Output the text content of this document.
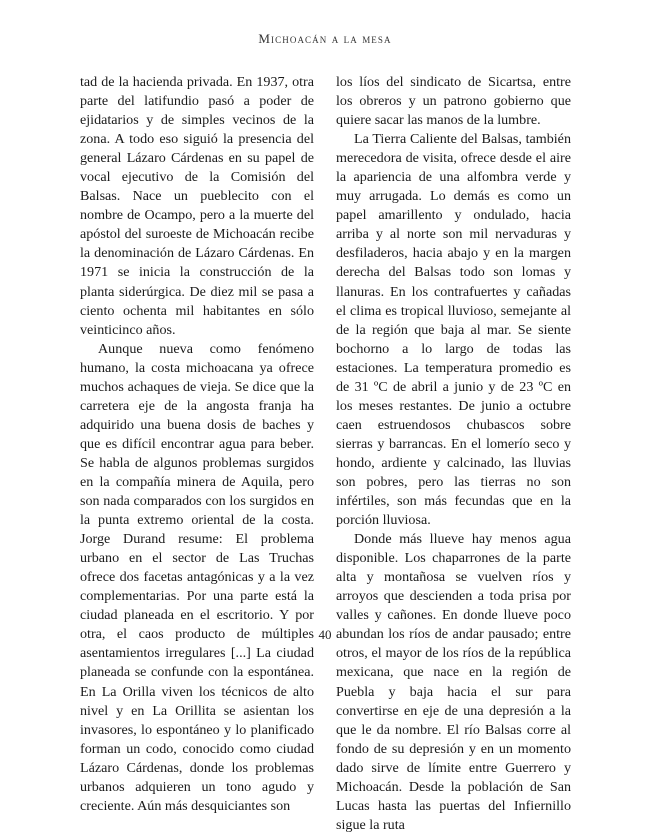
Michoacán a la mesa

tad de la hacienda privada. En 1937, otra parte del latifundio pasó a poder de ejidatarios y de simples vecinos de la zona. A todo eso siguió la presencia del general Lázaro Cárdenas en su papel de vocal ejecutivo de la Comisión del Balsas. Nace un pueblecito con el nombre de Ocampo, pero a la muerte del apóstol del suroeste de Michoacán recibe la denominación de Lázaro Cárdenas. En 1971 se inicia la construcción de la planta siderúrgica. De diez mil se pasa a ciento ochenta mil habitantes en sólo veinticinco años.

Aunque nueva como fenómeno humano, la costa michoacana ya ofrece muchos achaques de vieja. Se dice que la carretera eje de la angosta franja ha adquirido una buena dosis de baches y que es difícil encontrar agua para beber. Se habla de algunos problemas surgidos en la compañía minera de Aquila, pero son nada comparados con los surgidos en la punta extremo oriental de la costa. Jorge Durand resume: El problema urbano en el sector de Las Truchas ofrece dos facetas antagónicas y a la vez complementarias. Por una parte está la ciudad planeada en el escritorio. Y por otra, el caos producto de múltiples asentamientos irregulares [...] La ciudad planeada se confunde con la espontánea. En La Orilla viven los técnicos de alto nivel y en La Orillita se asientan los invasores, lo espontáneo y lo planificado forman un codo, conocido como ciudad Lázaro Cárdenas, donde los problemas urbanos adquieren un tono agudo y creciente. Aún más desquiciantes son

los líos del sindicato de Sicartsa, entre los obreros y un patrono gobierno que quiere sacar las manos de la lumbre.

La Tierra Caliente del Balsas, también merecedora de visita, ofrece desde el aire la apariencia de una alfombra verde y muy arrugada. Lo demás es como un papel amarillento y ondulado, hacia arriba y al norte son mil nervaduras y desfiladeros, hacia abajo y en la margen derecha del Balsas todo son lomas y llanuras. En los contrafuertes y cañadas el clima es tropical lluvioso, semejante al de la región que baja al mar. Se siente bochorno a lo largo de todas las estaciones. La temperatura promedio es de 31 ºC de abril a junio y de 23 ºC en los meses restantes. De junio a octubre caen estruendosos chubascos sobre sierras y barrancas. En el lomerío seco y hondo, ardiente y calcinado, las lluvias son pobres, pero las tierras no son infértiles, son más fecundas que en la porción lluviosa.

Donde más llueve hay menos agua disponible. Los chaparrones de la parte alta y montañosa se vuelven ríos y arroyos que descienden a toda prisa por valles y cañones. En donde llueve poco abundan los ríos de andar pausado; entre otros, el mayor de los ríos de la república mexicana, que nace en la región de Puebla y baja hacia el sur para convertirse en eje de una depresión a la que le da nombre. El río Balsas corre al fondo de su depresión y en un momento dado sirve de límite entre Guerrero y Michoacán. Desde la población de San Lucas hasta las puertas del Infiernillo sigue la ruta

40
